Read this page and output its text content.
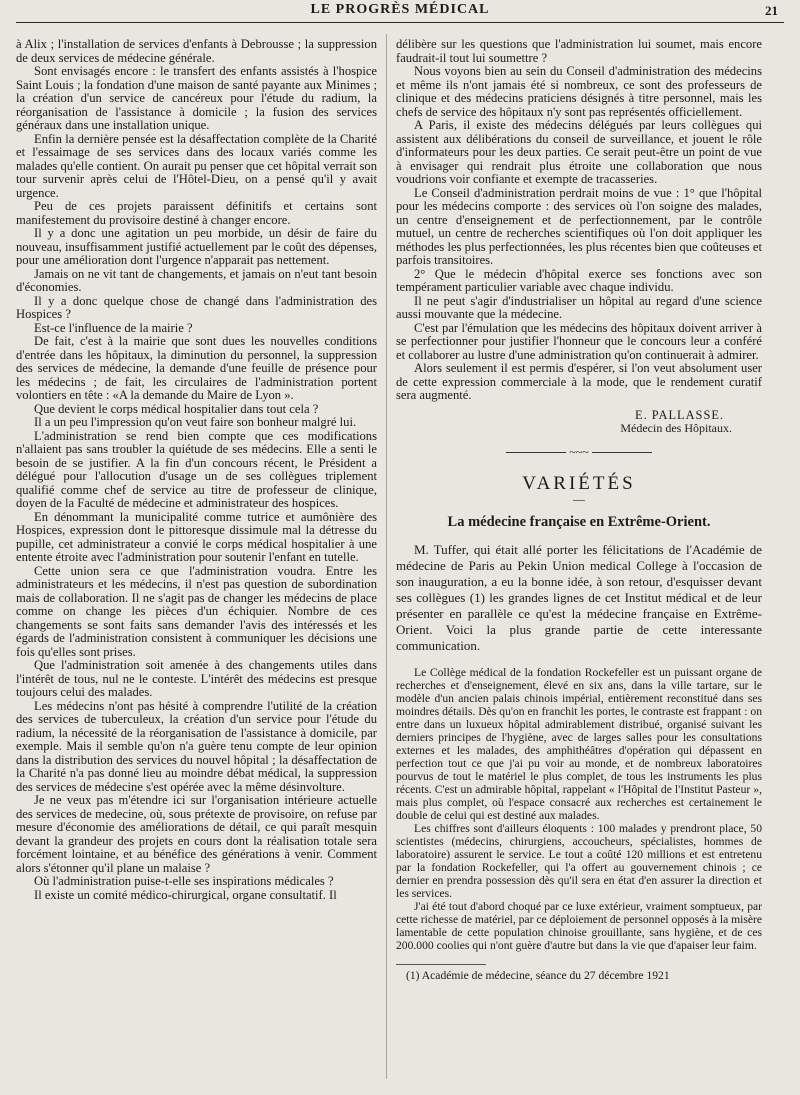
LE PROGRÈS MÉDICAL	21

à Alix ; l'installation de services d'enfants à Debrousse ; la suppression de deux services de médecine générale.

Sont envisagés encore : le transfert des enfants assistés à l'hospice Saint Louis ; la fondation d'une maison de santé payante aux Minimes ; la création d'un service de cancéreux pour l'étude du radium, la réorganisation de l'assistance à domicile ; la fusion des services généraux dans une installation unique.

Enfin la dernière pensée est la désaffectation complète de la Charité et l'essaimage de ses services dans des locaux variés comme les malades qu'elle contient. On aurait pu penser que cet hôpital verrait son tour survenir après celui de l'Hôtel-Dieu, on a pensé qu'il y avait urgence.

Peu de ces projets paraissent définitifs et certains sont manifestement du provisoire destiné à changer encore.

Il y a donc une agitation un peu morbide, un désir de faire du nouveau, insuffisamment justifié actuellement par le coût des dépenses, pour une amélioration dont l'urgence n'apparait pas nettement.

Jamais on ne vit tant de changements, et jamais on n'eut tant besoin d'économies.

Il y a donc quelque chose de changé dans l'administration des Hospices ?

Est-ce l'influence de la mairie ?

De fait, c'est à la mairie que sont dues les nouvelles conditions d'entrée dans les hôpitaux, la diminution du personnel, la suppression des services de médecine, la demande d'une feuille de présence pour les médecins ; de fait, les circulaires de l'administration portent volontiers en tête : «A la demande du Maire de Lyon ».

Que devient le corps médical hospitalier dans tout cela ?

Il a un peu l'impression qu'on veut faire son bonheur malgré lui.

L'administration se rend bien compte que ces modifications n'allaient pas sans troubler la quiétude de ses médecins. Elle a senti le besoin de se justifier. A la fin d'un concours récent, le Président a délégué pour l'allocution d'usage un de ses collègues triplement qualifié comme chef de service au titre de professeur de clinique, doyen de la Faculté de médecine et administrateur des hospices.

En dénommant la municipalité comme tutrice et aumônière des Hospices, expression dont le pittoresque dissimule mal la détresse du pupille, cet administrateur a convié le corps médical hospitalier à une entente étroite avec l'administration pour soutenir l'enfant en tutelle.

Cette union sera ce que l'administration voudra. Entre les administrateurs et les médecins, il n'est pas question de subordination mais de collaboration. Il ne s'agit pas de changer les médecins de place comme on change les pièces d'un échiquier. Nombre de ces changements se sont faits sans demander l'avis des intéressés et les égards de l'administration consistent à communiquer les décisions une fois qu'elles sont prises.

Que l'administration soit amenée à des changements utiles dans l'intérêt de tous, nul ne le conteste. L'intérêt des médecins est presque toujours celui des malades.

Les médecins n'ont pas hésité à comprendre l'utilité de la création des services de tuberculeux, la création d'un service pour l'étude du radium, la nécessité de la réorganisation de l'assistance à domicile, par exemple. Mais il semble qu'on n'a guère tenu compte de leur opinion dans la distribution des services du nouvel hôpital ; la désaffectation de la Charité n'a pas donné lieu au moindre débat médical, la suppression des services de médecine s'est opérée avec la même désinvolture.

Je ne veux pas m'étendre ici sur l'organisation intérieure actuelle des services de medecine, où, sous prétexte de provisoire, on refuse par mesure d'économie des améliorations de détail, ce qui paraît mesquin devant la grandeur des projets en cours dont la réalisation totale sera forcément lointaine, et au bénéfice des générations à venir. Comment alors s'étonner qu'il plane un malaise ?

Où l'administration puise-t-elle ses inspirations médicales ?

Il existe un comité médico-chirurgical, organe consultatif. Il

délibère sur les questions que l'administration lui soumet, mais encore faudrait-il tout lui soumettre ?

Nous voyons bien au sein du Conseil d'administration des médecins et même ils n'ont jamais été si nombreux, ce sont des professeurs de clinique et des médecins praticiens désignés à titre personnel, mais les chefs de service des hôpitaux n'y sont pas représentés officiellement.

A Paris, il existe des médecins délégués par leurs collègues qui assistent aux délibérations du conseil de surveillance, et jouent le rôle d'informateurs pour les deux parties. Ce serait peut-être un point de vue à envisager qui rendrait plus étroite une collaboration que nous voudrions voir confiante et exempte de tracasseries.

Le Conseil d'administration perdrait moins de vue : 1° que l'hôpital pour les médecins comporte : des services où l'on soigne des malades, un centre d'enseignement et de perfectionnement, par le contrôle mutuel, un centre de recherches scientifiques où l'on doit appliquer les méthodes les plus perfectionnées, les plus récentes bien que coûteuses et parfois transitoires.

2° Que le médecin d'hôpital exerce ses fonctions avec son tempérament particulier variable avec chaque individu.

Il ne peut s'agir d'industrialiser un hôpital au regard d'une science aussi mouvante que la médecine.

C'est par l'émulation que les médecins des hôpitaux doivent arriver à se perfectionner pour justifier l'honneur que le concours leur a conféré et collaborer au lustre d'une administration qu'on continuerait à admirer.

Alors seulement il est permis d'espérer, si l'on veut absolument user de cette expression commerciale à la mode, que le rendement curatif sera augmenté.

E. PALLASSE.
Médecin des Hôpitaux.
~~~
VARIÉTÉS
—
La médecine française en Extrême-Orient.

M. Tuffer, qui était allé porter les félicitations de l'Académie de médecine de Paris au Pekin Union medical College à l'occasion de son inauguration, a eu la bonne idée, à son retour, d'esquisser devant ses collègues (1) les grandes lignes de cet Institut médical et de leur présenter en parallèle ce qu'est la médecine française en Extrême-Orient. Voici la plus grande partie de cette interessante communication.

Le Collège médical de la fondation Rockefeller est un puissant organe de recherches et d'enseignement, élevé en six ans, dans la ville tartare, sur le modèle d'un ancien palais chinois impérial, entièrement reconstitué dans ses moindres détails. Dès qu'on en franchit les portes, le contraste est frappant : on entre dans un luxueux hôpital admirablement distribué, organisé suivant les derniers principes de l'hygiène, avec de larges salles pour les consultations externes et les malades, des amphithéâtres d'opération qui dépassent en perfection tout ce que j'ai pu voir au monde, et de nombreux laboratoires pourvus de tout le matériel le plus complet, de tous les instruments les plus récents. C'est un admirable hôpital, rappelant « l'Hôpital de l'Institut Pasteur », mais plus complet, où l'espace consacré aux recherches est certainement le double de celui qui est destiné aux malades.

Les chiffres sont d'ailleurs éloquents : 100 malades y prendront place, 50 scientistes (médecins, chirurgiens, accoucheurs, spécialistes, hommes de laboratoire) assurent le service. Le tout a coûté 120 millions et est entretenu par la fondation Rockefeller, qui l'a offert au gouvernement chinois ; ce dernier en prendra possession dès qu'il sera en état d'en assurer la direction et les services.

J'ai été tout d'abord choqué par ce luxe extérieur, vraiment somptueux, par cette richesse de matériel, par ce déploiement de personnel opposés à la misère lamentable de cette population chinoise grouillante, sans hygiène, et de ces 200.000 coolies qui n'ont guère d'autre but dans la vie que d'apaiser leur faim.

(1) Académie de médecine, séance du 27 décembre 1921
